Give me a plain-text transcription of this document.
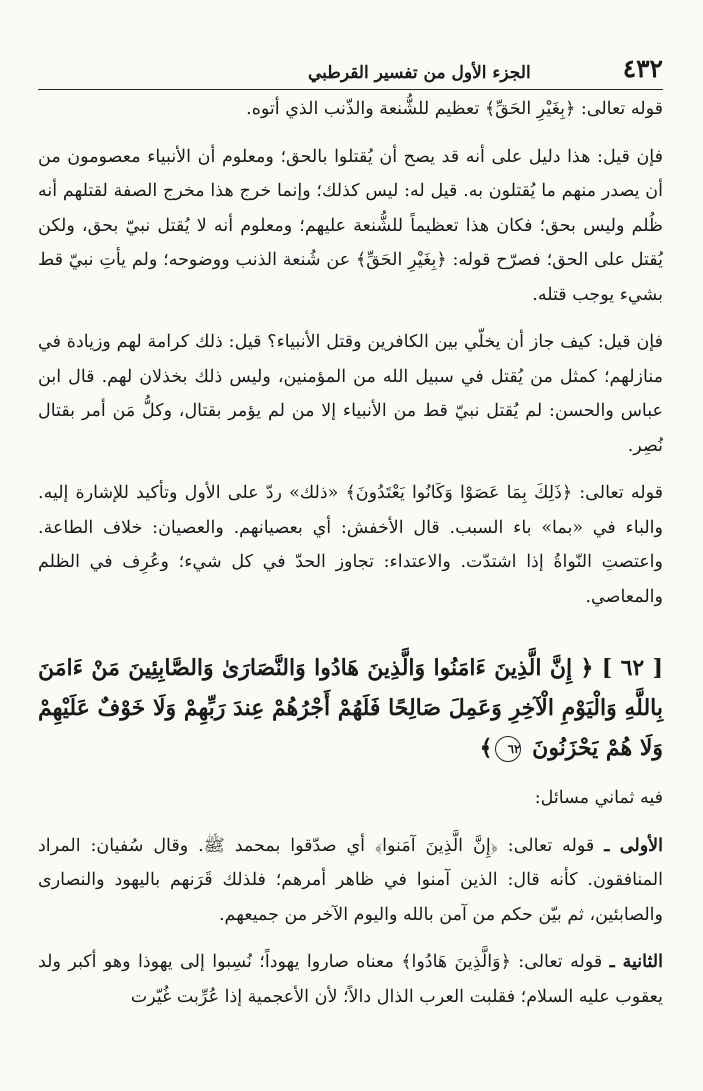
٤٣٢
الجزء الأول من تفسير القرطبي

قوله تعالى: ﴿بِغَيْرِ الحَقِّ﴾ تعظيم للشُّنعة والذّنب الذي أتوه.

فإن قيل: هذا دليل على أنه قد يصح أن يُقتلوا بالحق؛ ومعلوم أن الأنبياء معصومون من أن يصدر منهم ما يُقتلون به. قيل له: ليس كذلك؛ وإنما خرج هذا مخرج الصفة لقتلهم أنه ظُلم وليس بحق؛ فكان هذا تعظيماً للشُّنعة عليهم؛ ومعلوم أنه لا يُقتل نبيّ بحق، ولكن يُقتل على الحق؛ فصرّح قوله: ﴿بِغَيْرِ الحَقِّ﴾ عن شُنعة الذنب ووضوحه؛ ولم يأتِ نبيّ قط بشيء يوجب قتله.

فإن قيل: كيف جاز أن يخلّي بين الكافرين وقتل الأنبياء؟ قيل: ذلك كرامة لهم وزيادة في منازلهم؛ كمثل من يُقتل في سبيل الله من المؤمنين، وليس ذلك بخذلان لهم. قال ابن عباس والحسن: لم يُقتل نبيّ قط من الأنبياء إلا من لم يؤمر بقتال، وكلُّ مَن أمر بقتال نُصِر.

قوله تعالى: ﴿ذَلِكَ بِمَا عَصَوْا وَكَانُوا يَعْتَدُونَ﴾ «ذلك» ردّ على الأول وتأكيد للإشارة إليه. والباء في «بما» باء السبب. قال الأخفش: أي بعصيانهم. والعصيان: خلاف الطاعة. واعتصتِ النّواةُ إذا اشتدّت. والاعتداء: تجاوز الحدّ في كل شيء؛ وعُرِف في الظلم والمعاصي.

[ ٦٢ ] ﴿ إِنَّ الَّذِينَ ءَامَنُوا وَالَّذِينَ هَادُوا وَالنَّصَارَىٰ وَالصَّابِئِينَ مَنْ ءَامَنَ بِاللَّهِ وَالْيَوْمِ الْآخِرِ وَعَمِلَ صَالِحًا فَلَهُمْ أَجْرُهُمْ عِندَ رَبِّهِمْ وَلَا خَوْفٌ عَلَيْهِمْ وَلَا هُمْ يَحْزَنُونَ ٦٢﴾

فيه ثماني مسائل:

الأولى ـ قوله تعالى: ﴿إِنَّ الَّذِينَ آمَنوا﴾ أي صدّقوا بمحمد ﷺ. وقال سُفيان: المراد المنافقون. كأنه قال: الذين آمنوا في ظاهر أمرهم؛ فلذلك قَرَنهم باليهود والنصارى والصابئين، ثم بيّن حكم من آمن بالله واليوم الآخر من جميعهم.

الثانية ـ قوله تعالى: ﴿وَالَّذِينَ هَادُوا﴾ معناه صاروا يهوداً؛ نُسِبوا إلى يهوذا وهو أكبر ولد يعقوب عليه السلام؛ فقلبت العرب الذال دالاً؛ لأن الأعجمية إذا عُرِّبت غُيّرت
